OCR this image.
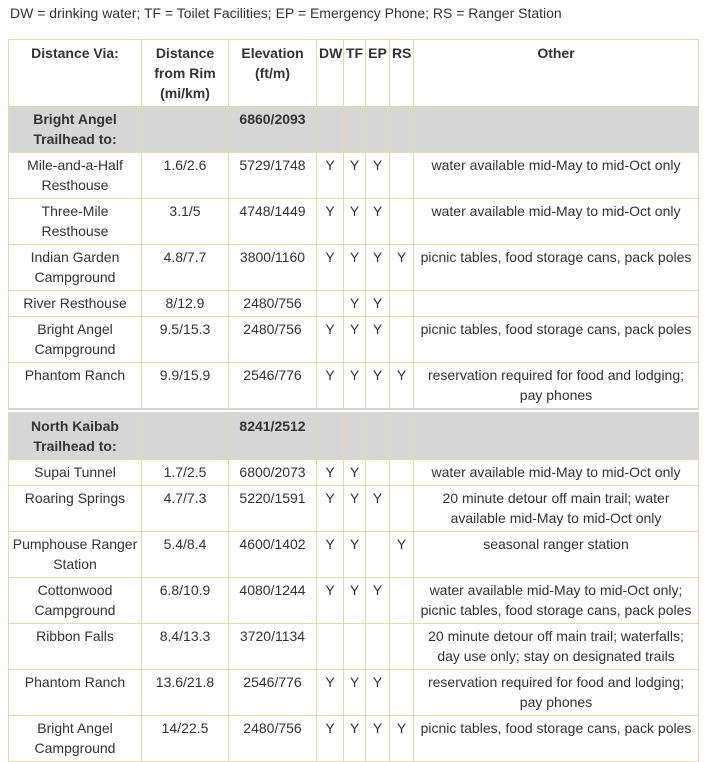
DW = drinking water; TF = Toilet Facilities; EP = Emergency Phone; RS = Ranger Station
Distance Via:	Distance from Rim (mi/km)	Elevation (ft/m)	DW	TF	EP	RS	Other
Bright Angel Trailhead to:		6860/2093					
Mile-and-a-Half Resthouse	1.6/2.6	5729/1748	Y	Y	Y		water available mid-May to mid-Oct only
Three-Mile Resthouse	3.1/5	4748/1449	Y	Y	Y		water available mid-May to mid-Oct only
Indian Garden Campground	4.8/7.7	3800/1160	Y	Y	Y	Y	picnic tables, food storage cans, pack poles
River Resthouse	8/12.9	2480/756		Y	Y		
Bright Angel Campground	9.5/15.3	2480/756	Y	Y	Y		picnic tables, food storage cans, pack poles
Phantom Ranch	9.9/15.9	2546/776	Y	Y	Y	Y	reservation required for food and lodging; pay phones

North Kaibab Trailhead to:		8241/2512					
Supai Tunnel	1.7/2.5	6800/2073	Y	Y			water available mid-May to mid-Oct only
Roaring Springs	4.7/7.3	5220/1591	Y	Y	Y		20 minute detour off main trail; water available mid-May to mid-Oct only
Pumphouse Ranger Station	5.4/8.4	4600/1402	Y	Y		Y	seasonal ranger station
Cottonwood Campground	6.8/10.9	4080/1244	Y	Y	Y		water available mid-May to mid-Oct only; picnic tables, food storage cans, pack poles
Ribbon Falls	8.4/13.3	3720/1134					20 minute detour off main trail; waterfalls; day use only; stay on designated trails
Phantom Ranch	13.6/21.8	2546/776	Y	Y	Y		reservation required for food and lodging; pay phones
Bright Angel Campground	14/22.5	2480/756	Y	Y	Y	Y	picnic tables, food storage cans, pack poles
